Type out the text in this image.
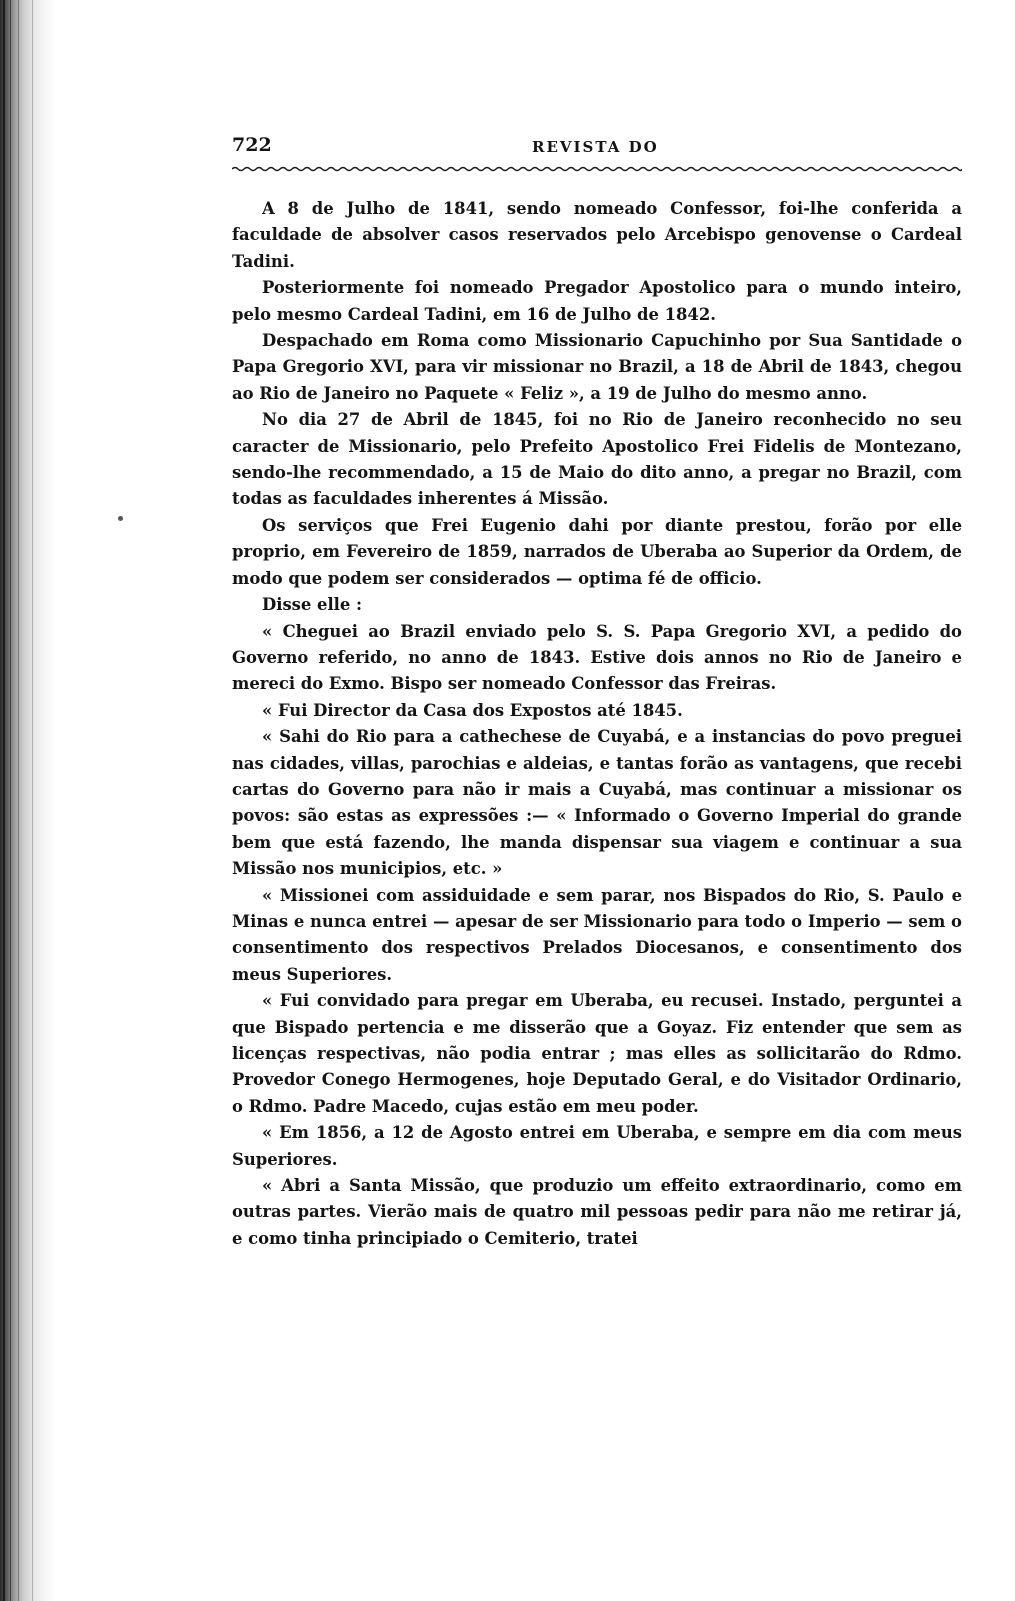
722	REVISTA DO

A 8 de Julho de 1841, sendo nomeado Confessor, foi-lhe conferida a faculdade de absolver casos reservados pelo Arcebispo genovense o Cardeal Tadini.

Posteriormente foi nomeado Pregador Apostolico para o mundo inteiro, pelo mesmo Cardeal Tadini, em 16 de Julho de 1842.

Despachado em Roma como Missionario Capuchinho por Sua Santidade o Papa Gregorio XVI, para vir missionar no Brazil, a 18 de Abril de 1843, chegou ao Rio de Janeiro no Paquete « Feliz », a 19 de Julho do mesmo anno.

No dia 27 de Abril de 1845, foi no Rio de Janeiro reconhecido no seu caracter de Missionario, pelo Prefeito Apostolico Frei Fidelis de Montezano, sendo-lhe recommendado, a 15 de Maio do dito anno, a pregar no Brazil, com todas as faculdades inherentes á Missão.

Os serviços que Frei Eugenio dahi por diante prestou, forão por elle proprio, em Fevereiro de 1859, narrados de Uberaba ao Superior da Ordem, de modo que podem ser considerados — optima fé de officio.

Disse elle :

« Cheguei ao Brazil enviado pelo S. S. Papa Gregorio XVI, a pedido do Governo referido, no anno de 1843. Estive dois annos no Rio de Janeiro e mereci do Exmo. Bispo ser nomeado Confessor das Freiras.

« Fui Director da Casa dos Expostos até 1845.

« Sahi do Rio para a cathechese de Cuyabá, e a instancias do povo preguei nas cidades, villas, parochias e aldeias, e tantas forão as vantagens, que recebi cartas do Governo para não ir mais a Cuyabá, mas continuar a missionar os povos: são estas as expressões :— « Informado o Governo Imperial do grande bem que está fazendo, lhe manda dispensar sua viagem e continuar a sua Missão nos municipios, etc. »

« Missionei com assiduidade e sem parar, nos Bispados do Rio, S. Paulo e Minas e nunca entrei — apesar de ser Missionario para todo o Imperio — sem o consentimento dos respectivos Prelados Diocesanos, e consentimento dos meus Superiores.

« Fui convidado para pregar em Uberaba, eu recusei. Instado, perguntei a que Bispado pertencia e me disserão que a Goyaz. Fiz entender que sem as licenças respectivas, não podia entrar ; mas elles as sollicitarão do Rdmo. Provedor Conego Hermogenes, hoje Deputado Geral, e do Visitador Ordinario, o Rdmo. Padre Macedo, cujas estão em meu poder.

« Em 1856, a 12 de Agosto entrei em Uberaba, e sempre em dia com meus Superiores.

« Abri a Santa Missão, que produzio um effeito extraordinario, como em outras partes. Vierão mais de quatro mil pessoas pedir para não me retirar já, e como tinha principiado o Cemiterio, tratei
